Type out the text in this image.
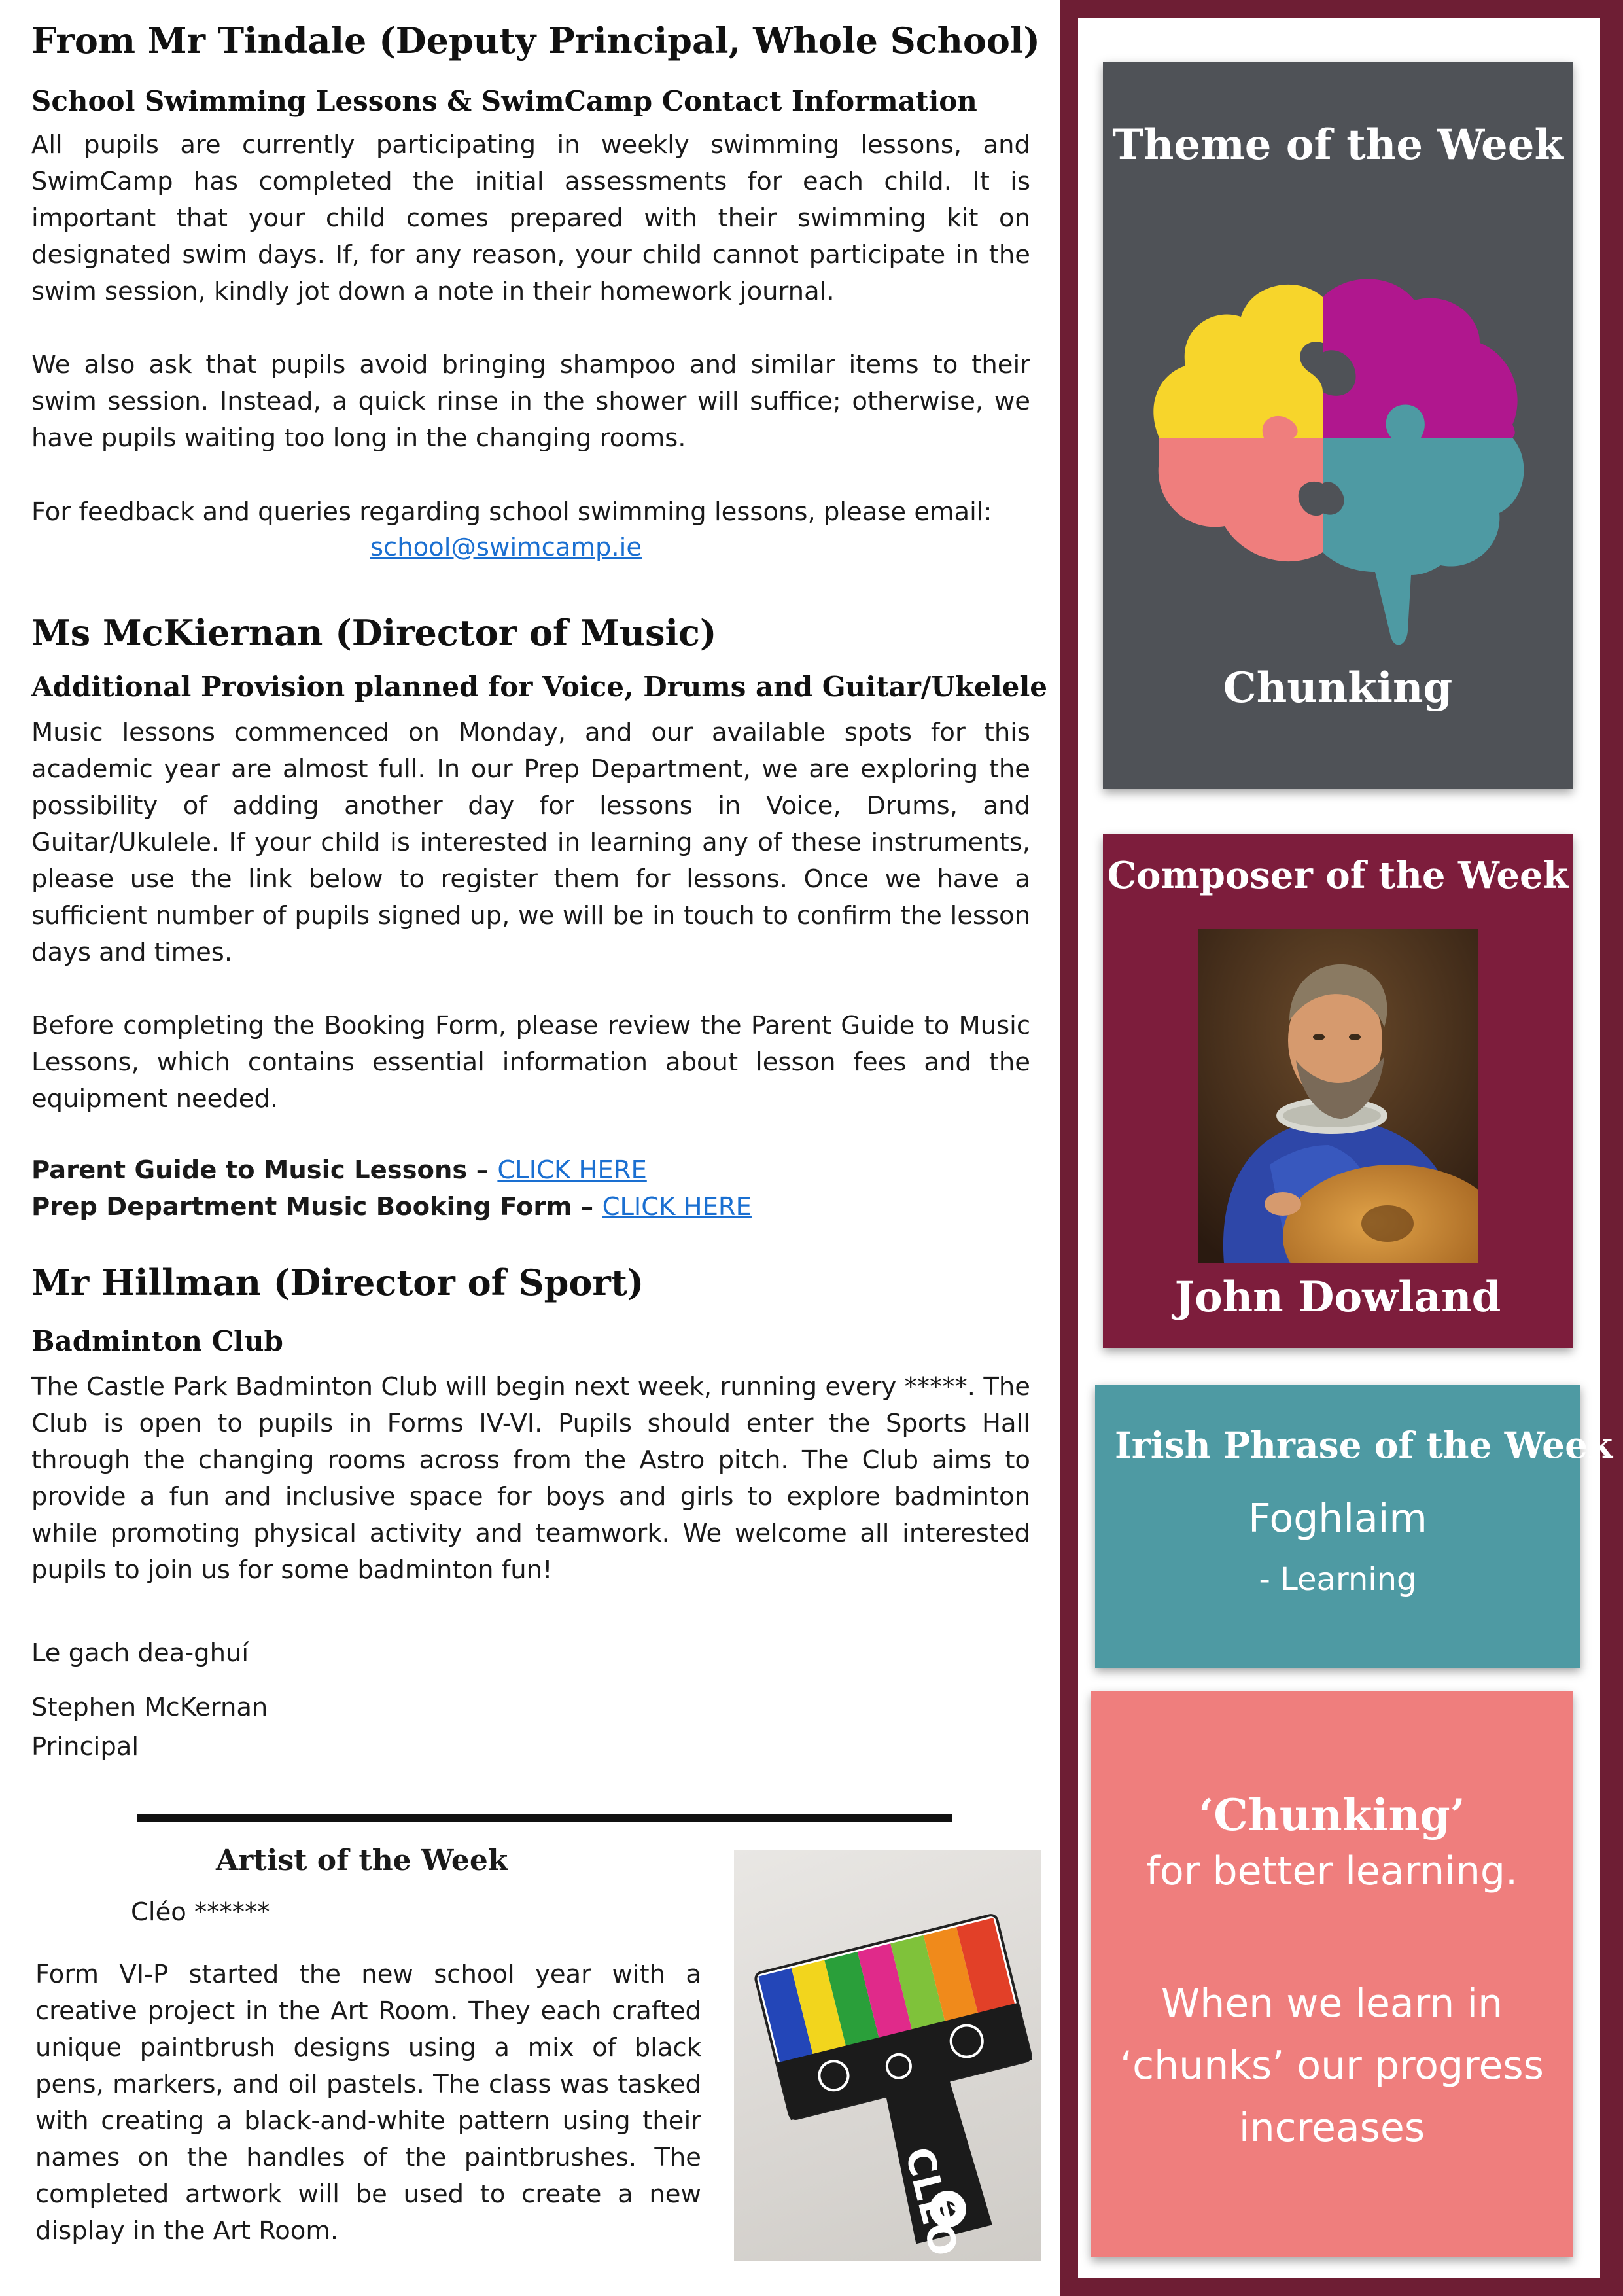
From Mr Tindale (Deputy Principal, Whole School)
School Swimming Lessons & SwimCamp Contact Information

All pupils are currently participating in weekly swimming lessons, and SwimCamp has completed the initial assessments for each child. It is important that your child comes prepared with their swimming kit on designated swim days. If, for any reason, your child cannot participate in the swim session, kindly jot down a note in their homework journal.

We also ask that pupils avoid bringing shampoo and similar items to their swim session. Instead, a quick rinse in the shower will suffice; otherwise, we have pupils waiting too long in the changing rooms.

For feedback and queries regarding school swimming lessons, please email:
school@swimcamp.ie
Ms McKiernan (Director of Music)
Additional Provision planned for Voice, Drums and Guitar/Ukelele

Music lessons commenced on Monday, and our available spots for this academic year are almost full. In our Prep Department, we are exploring the possibility of adding another day for lessons in Voice, Drums, and Guitar/Ukulele. If your child is interested in learning any of these instruments, please use the link below to register them for lessons. Once we have a sufficient number of pupils signed up, we will be in touch to confirm the lesson days and times.

Before completing the Booking Form, please review the Parent Guide to Music Lessons, which contains essential information about lesson fees and the equipment needed.

Parent Guide to Music Lessons – CLICK HERE
Prep Department Music Booking Form – CLICK HERE
Mr Hillman (Director of Sport)
Badminton Club

The Castle Park Badminton Club will begin next week, running every *****. The Club is open to pupils in Forms IV-VI. Pupils should enter the Sports Hall through the changing rooms across from the Astro pitch. The Club aims to provide a fun and inclusive space for boys and girls to explore badminton while promoting physical activity and teamwork. We welcome all interested pupils to join us for some badminton fun!

Le gach dea-ghuí
Stephen McKernan
Principal
Artist of the Week
Cléo ******

Form VI-P started the new school year with a creative project in the Art Room. They each crafted unique paintbrush designs using a mix of black pens, markers, and oil pastels. The class was tasked with creating a black-and-white pattern using their names on the handles of the paintbrushes. The completed artwork will be used to create a new display in the Art Room.	CLÉO
Theme of the Week
Chunking
Composer of the Week
John Dowland
Irish Phrase of the Week
Foghlaim
- Learning
‘Chunking’
for better learning.

When we learn in ‘chunks’ our progress increases
